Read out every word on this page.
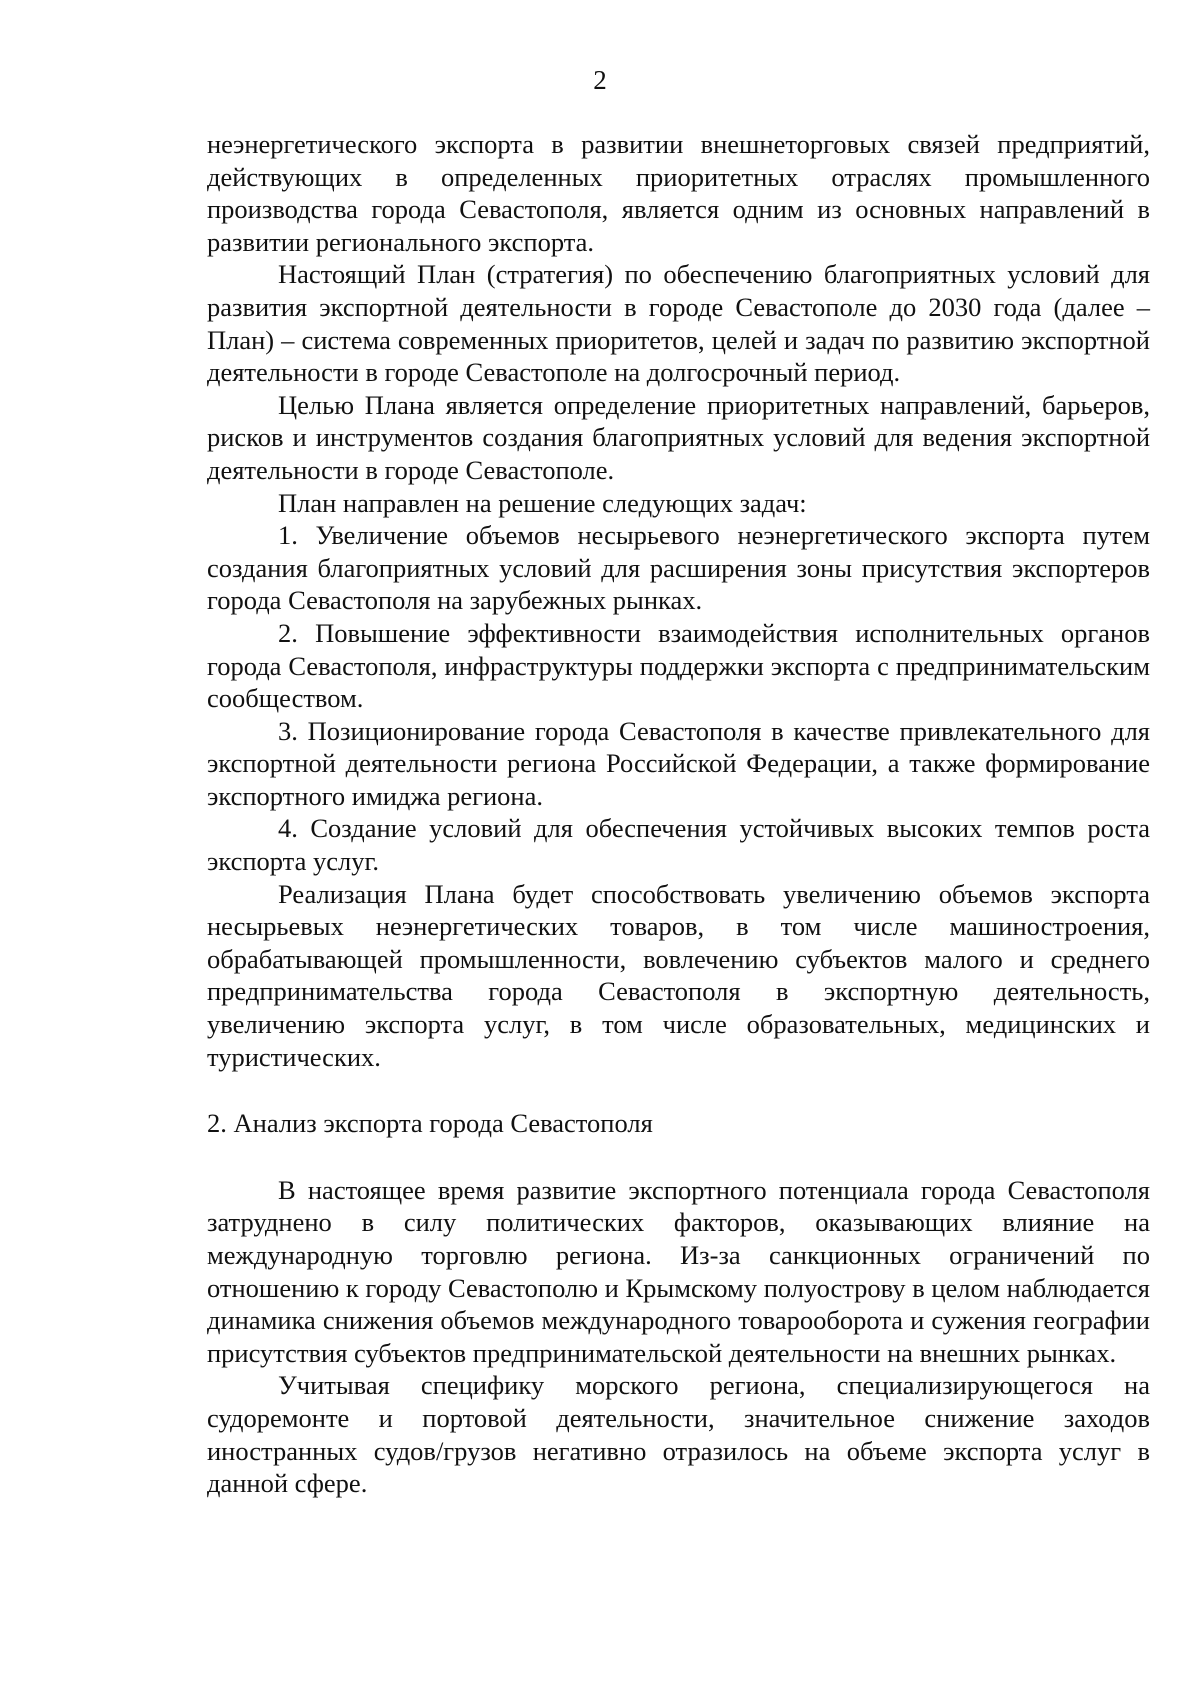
2

неэнергетического экспорта в развитии внешнеторговых связей предприятий, действующих в определенных приоритетных отраслях промышленного производства города Севастополя, является одним из основных направлений в развитии регионального экспорта.

Настоящий План (стратегия) по обеспечению благоприятных условий для развития экспортной деятельности в городе Севастополе до 2030 года (далее – План) – система современных приоритетов, целей и задач по развитию экспортной деятельности в городе Севастополе на долгосрочный период.

Целью Плана является определение приоритетных направлений, барьеров, рисков и инструментов создания благоприятных условий для ведения экспортной деятельности в городе Севастополе.

План направлен на решение следующих задач:

1. Увеличение объемов несырьевого неэнергетического экспорта путем создания благоприятных условий для расширения зоны присутствия экспортеров города Севастополя на зарубежных рынках.

2. Повышение эффективности взаимодействия исполнительных органов города Севастополя, инфраструктуры поддержки экспорта с предпринимательским сообществом.

3. Позиционирование города Севастополя в качестве привлекательного для экспортной деятельности региона Российской Федерации, а также формирование экспортного имиджа региона.

4. Создание условий для обеспечения устойчивых высоких темпов роста экспорта услуг.

Реализация Плана будет способствовать увеличению объемов экспорта несырьевых неэнергетических товаров, в том числе машиностроения, обрабатывающей промышленности, вовлечению субъектов малого и среднего предпринимательства города Севастополя в экспортную деятельность, увеличению экспорта услуг, в том числе образовательных, медицинских и туристических.

2. Анализ экспорта города Севастополя

В настоящее время развитие экспортного потенциала города Севастополя затруднено в силу политических факторов, оказывающих влияние на международную торговлю региона. Из-за санкционных ограничений по отношению к городу Севастополю и Крымскому полуострову в целом наблюдается динамика снижения объемов международного товарооборота и сужения географии присутствия субъектов предпринимательской деятельности на внешних рынках.

Учитывая специфику морского региона, специализирующегося на судоремонте и портовой деятельности, значительное снижение заходов иностранных судов/грузов негативно отразилось на объеме экспорта услуг в данной сфере.
